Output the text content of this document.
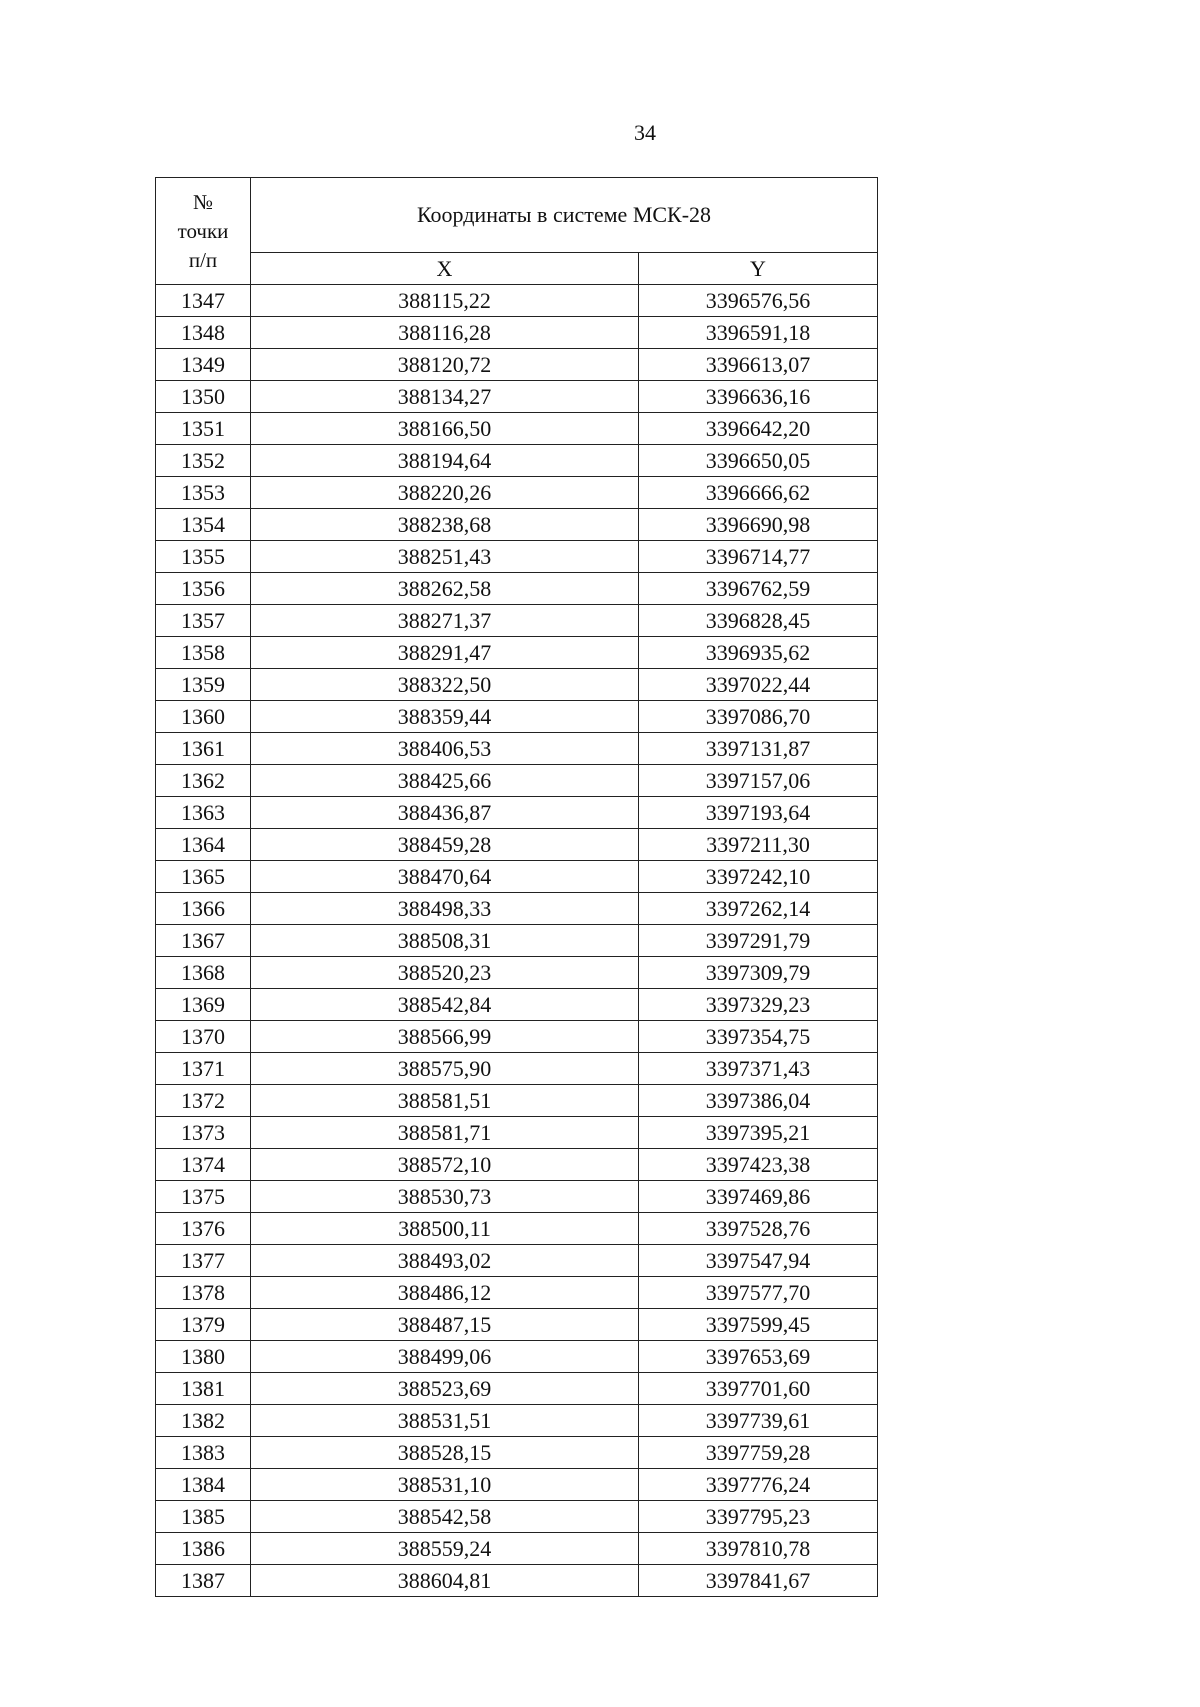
34
№
точки
п/п	Координаты в системе МСК-28	
	X	Y
1347	388115,22	3396576,56
1348	388116,28	3396591,18
1349	388120,72	3396613,07
1350	388134,27	3396636,16
1351	388166,50	3396642,20
1352	388194,64	3396650,05
1353	388220,26	3396666,62
1354	388238,68	3396690,98
1355	388251,43	3396714,77
1356	388262,58	3396762,59
1357	388271,37	3396828,45
1358	388291,47	3396935,62
1359	388322,50	3397022,44
1360	388359,44	3397086,70
1361	388406,53	3397131,87
1362	388425,66	3397157,06
1363	388436,87	3397193,64
1364	388459,28	3397211,30
1365	388470,64	3397242,10
1366	388498,33	3397262,14
1367	388508,31	3397291,79
1368	388520,23	3397309,79
1369	388542,84	3397329,23
1370	388566,99	3397354,75
1371	388575,90	3397371,43
1372	388581,51	3397386,04
1373	388581,71	3397395,21
1374	388572,10	3397423,38
1375	388530,73	3397469,86
1376	388500,11	3397528,76
1377	388493,02	3397547,94
1378	388486,12	3397577,70
1379	388487,15	3397599,45
1380	388499,06	3397653,69
1381	388523,69	3397701,60
1382	388531,51	3397739,61
1383	388528,15	3397759,28
1384	388531,10	3397776,24
1385	388542,58	3397795,23
1386	388559,24	3397810,78
1387	388604,81	3397841,67
